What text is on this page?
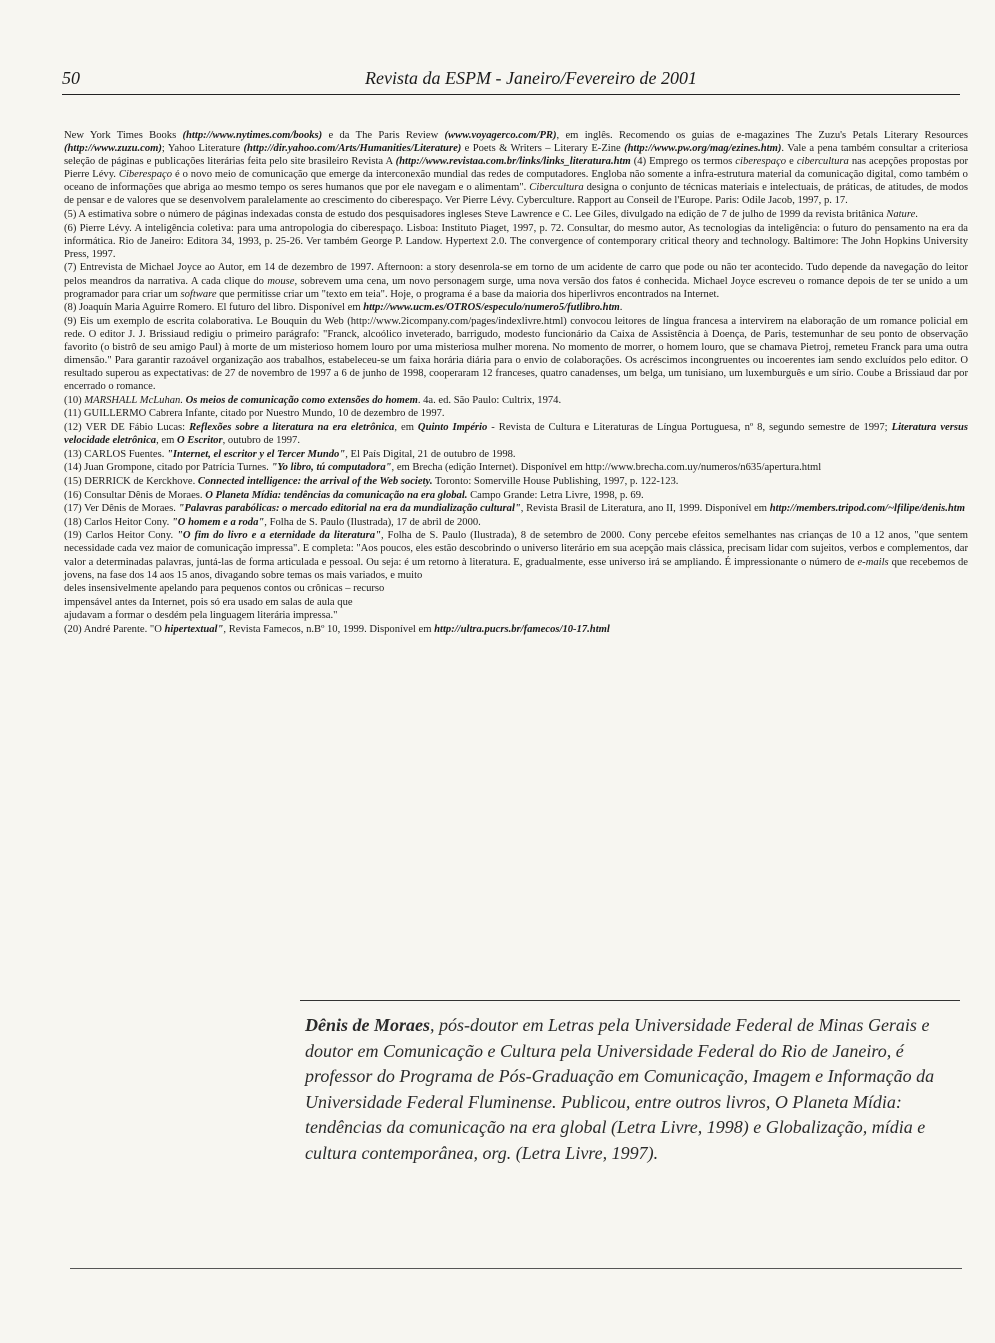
50	Revista da ESPM - Janeiro/Fevereiro de 2001

New York Times Books (http://www.nytimes.com/books) e da The Paris Review (www.voyagerco.com/PR), em inglês. Recomendo os guias de e-magazines The Zuzu's Petals Literary Resources (http://www.zuzu.com); Yahoo Literature (http://dir.yahoo.com/Arts/Humanities/Literature) e Poets & Writers – Literary E-Zine (http://www.pw.org/mag/ezines.htm). Vale a pena também consultar a criteriosa seleção de páginas e publicações literárias feita pelo site brasileiro Revista A (http://www.revistaa.com.br/links/links_literatura.htm (4) Emprego os termos ciberespaço e cibercultura nas acepções propostas por Pierre Lévy. Ciberespaço é o novo meio de comunicação que emerge da interconexão mundial das redes de computadores. Engloba não somente a infra-estrutura material da comunicação digital, como também o oceano de informações que abriga ao mesmo tempo os seres humanos que por ele navegam e o alimentam". Cibercultura designa o conjunto de técnicas materiais e intelectuais, de práticas, de atitudes, de modos de pensar e de valores que se desenvolvem paralelamente ao crescimento do ciberespaço. Ver Pierre Lévy. Cyberculture. Rapport au Conseil de l'Europe. Paris: Odile Jacob, 1997, p. 17.

(5) A estimativa sobre o número de páginas indexadas consta de estudo dos pesquisadores ingleses Steve Lawrence e C. Lee Giles, divulgado na edição de 7 de julho de 1999 da revista britânica Nature.

(6) Pierre Lévy. A inteligência coletiva: para uma antropologia do ciberespaço. Lisboa: Instituto Piaget, 1997, p. 72. Consultar, do mesmo autor, As tecnologias da inteligência: o futuro do pensamento na era da informática. Rio de Janeiro: Editora 34, 1993, p. 25-26. Ver também George P. Landow. Hypertext 2.0. The convergence of contemporary critical theory and technology. Baltimore: The John Hopkins University Press, 1997.

(7) Entrevista de Michael Joyce ao Autor, em 14 de dezembro de 1997. Afternoon: a story desenrola-se em torno de um acidente de carro que pode ou não ter acontecido. Tudo depende da navegação do leitor pelos meandros da narrativa. A cada clique do mouse, sobrevem uma cena, um novo personagem surge, uma nova versão dos fatos é conhecida. Michael Joyce escreveu o romance depois de ter se unido a um programador para criar um software que permitisse criar um "texto em teia". Hoje, o programa é a base da maioria dos hiperlivros encontrados na Internet.

(8) Joaquín Maria Aguirre Romero. El futuro del libro. Disponível em http://www.ucm.es/OTROS/especulo/numero5/futlibro.htm.

(9) Eis um exemplo de escrita colaborativa. Le Bouquin du Web (http://www.2icompany.com/pages/indexlivre.html) convocou leitores de língua francesa a intervirem na elaboração de um romance policial em rede. O editor J. J. Brissiaud redigiu o primeiro parágrafo: "Franck, alcoólico inveterado, barrigudo, modesto funcionário da Caixa de Assistência à Doença, de Paris, testemunhar de seu ponto de observação favorito (o bistrô de seu amigo Paul) à morte de um misterioso homem louro por uma misteriosa mulher morena. No momento de morrer, o homem louro, que se chamava Pietroj, remeteu Franck para uma outra dimensão." Para garantir razoável organização aos trabalhos, estabeleceu-se um faixa horária diária para o envio de colaborações. Os acréscimos incongruentes ou incoerentes iam sendo excluídos pelo editor. O resultado superou as expectativas: de 27 de novembro de 1997 a 6 de junho de 1998, cooperaram 12 franceses, quatro canadenses, um belga, um tunisiano, um luxemburguês e um sírio. Coube a Brissiaud dar por encerrado o romance.

(10) MARSHALL McLuhan. Os meios de comunicação como extensões do homem. 4a. ed. São Paulo: Cultrix, 1974.

(11) GUILLERMO Cabrera Infante, citado por Nuestro Mundo, 10 de dezembro de 1997.

(12) VER DE Fábio Lucas: Reflexões sobre a literatura na era eletrônica, em Quinto Império - Revista de Cultura e Literaturas de Língua Portuguesa, nº 8, segundo semestre de 1997; Literatura versus velocidade eletrônica, em O Escritor, outubro de 1997.

(13) CARLOS Fuentes. "Internet, el escritor y el Tercer Mundo", El País Digital, 21 de outubro de 1998.

(14) Juan Grompone, citado por Patrícia Turnes. "Yo libro, tú computadora", em Brecha (edição Internet). Disponível em http://www.brecha.com.uy/numeros/n635/apertura.html

(15) DERRICK de Kerckhove. Connected intelligence: the arrival of the Web society. Toronto: Somerville House Publishing, 1997, p. 122-123.

(16) Consultar Dênis de Moraes. O Planeta Mídia: tendências da comunicação na era global. Campo Grande: Letra Livre, 1998, p. 69.

(17) Ver Dênis de Moraes. "Palavras parabólicas: o mercado editorial na era da mundialização cultural", Revista Brasil de Literatura, ano II, 1999. Disponível em http://members.tripod.com/~lfilipe/denis.htm

(18) Carlos Heitor Cony. "O homem e a roda", Folha de S. Paulo (Ilustrada), 17 de abril de 2000.

(19) Carlos Heitor Cony. "O fim do livro e a eternidade da literatura", Folha de S. Paulo (Ilustrada), 8 de setembro de 2000. Cony percebe efeitos semelhantes nas crianças de 10 a 12 anos, "que sentem necessidade cada vez maior de comunicação impressa". E completa: "Aos poucos, eles estão descobrindo o universo literário em sua acepção mais clássica, precisam lidar com sujeitos, verbos e complementos, dar valor a determinadas palavras, juntá-las de forma articulada e pessoal. Ou seja: é um retorno à literatura. E, gradualmente, esse universo irá se ampliando. É impressionante o número de e-mails que recebemos de jovens, na fase dos 14 aos 15 anos, divagando sobre temas os mais variados, e muito

deles insensivelmente apelando para pequenos contos ou crônicas – recurso

impensável antes da Internet, pois só era usado em salas de aula que

ajudavam a formar o desdém pela linguagem literária impressa."

(20) André Parente. "O hipertextual", Revista Famecos, n.Bº 10, 1999. Disponível em http://ultra.pucrs.br/famecos/10-17.html

Dênis de Moraes, pós-doutor em Letras pela Universidade Federal de Minas Gerais e doutor em Comunicação e Cultura pela Universidade Federal do Rio de Janeiro, é professor do Programa de Pós-Graduação em Comunicação, Imagem e Informação da Universidade Federal Fluminense. Publicou, entre outros livros, O Planeta Mídia: tendências da comunicação na era global (Letra Livre, 1998) e Globalização, mídia e cultura contemporânea, org. (Letra Livre, 1997).
